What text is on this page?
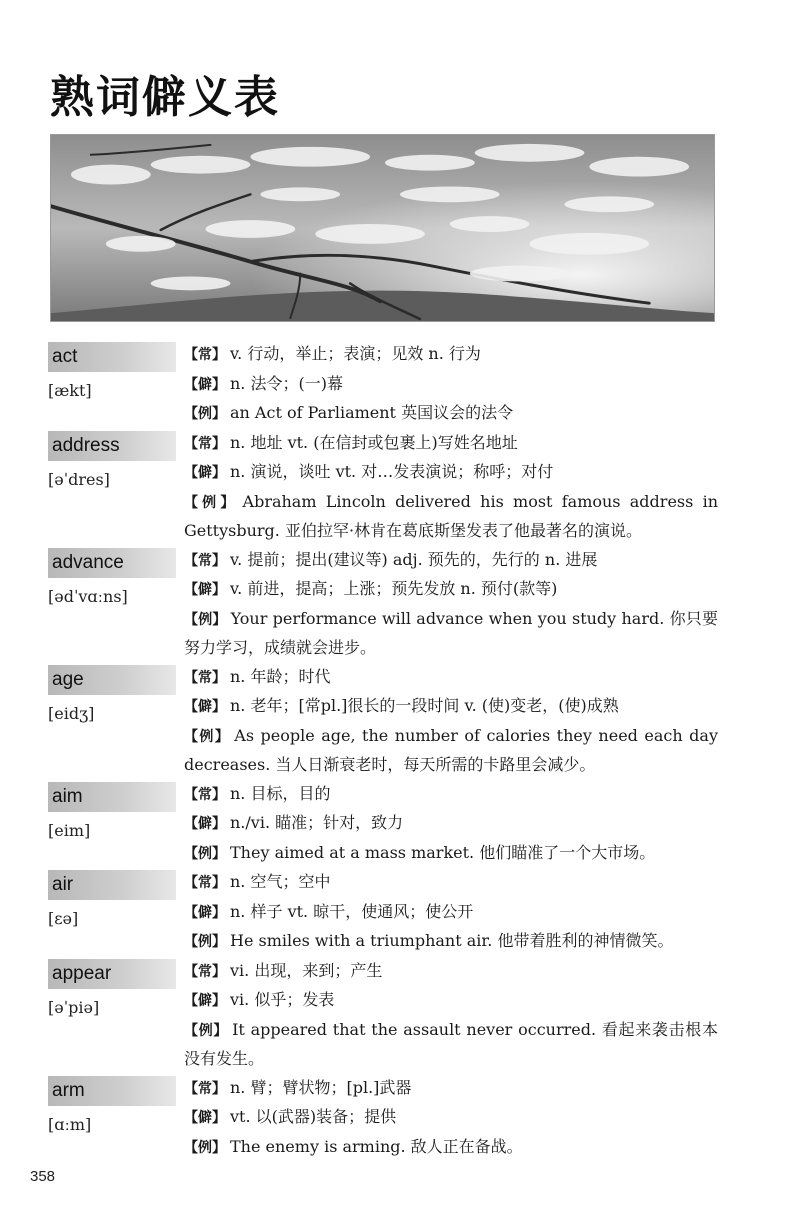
熟词僻义表
act
[ækt]
【常】 v. 行动，举止；表演；见效 n. 行为
【僻】 n. 法令；(一)幕
【例】 an Act of Parliament 英国议会的法令
address
[əˈdres]
【常】 n. 地址 vt. (在信封或包裹上)写姓名地址
【僻】 n. 演说，谈吐 vt. 对…发表演说；称呼；对付
【例】 Abraham Lincoln delivered his most famous address in Gettysburg. 亚伯拉罕·林肯在葛底斯堡发表了他最著名的演说。
advance
[ədˈvɑːns]
【常】 v. 提前；提出(建议等) adj. 预先的，先行的 n. 进展
【僻】 v. 前进，提高；上涨；预先发放 n. 预付(款等)
【例】 Your performance will advance when you study hard. 你只要努力学习，成绩就会进步。
age
[eidʒ]
【常】 n. 年龄；时代
【僻】 n. 老年；[常pl.]很长的一段时间 v. (使)变老，(使)成熟
【例】 As people age, the number of calories they need each day decreases. 当人日渐衰老时，每天所需的卡路里会减少。
aim
[eim]
【常】 n. 目标，目的
【僻】 n./vi. 瞄准；针对，致力
【例】 They aimed at a mass market. 他们瞄准了一个大市场。
air
[εə]
【常】 n. 空气；空中
【僻】 n. 样子 vt. 晾干，使通风；使公开
【例】 He smiles with a triumphant air. 他带着胜利的神情微笑。
appear
[əˈpiə]
【常】 vi. 出现，来到；产生
【僻】 vi. 似乎；发表
【例】 It appeared that the assault never occurred. 看起来袭击根本没有发生。
arm
[ɑːm]
【常】 n. 臂；臂状物；[pl.]武器
【僻】 vt. 以(武器)装备；提供
【例】 The enemy is arming. 敌人正在备战。
358
